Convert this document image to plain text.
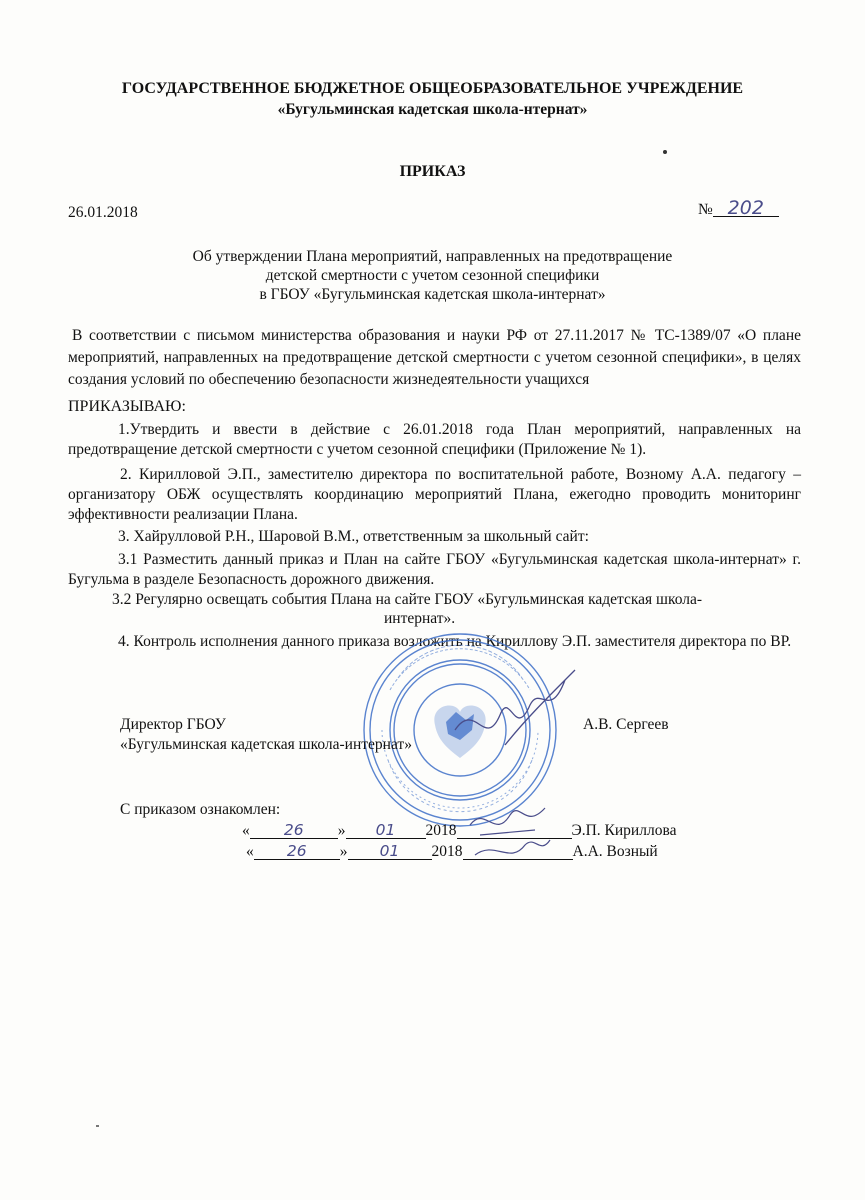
ГОСУДАРСТВЕННОЕ БЮДЖЕТНОЕ ОБЩЕОБРАЗОВАТЕЛЬНОЕ УЧРЕЖДЕНИЕ
«Бугульминская кадетская школа-нтернат»
ПРИКАЗ
26.01.2018	№ 202
Об утверждении Плана мероприятий, направленных на предотвращение
детской смертности с учетом сезонной специфики
в ГБОУ «Бугульминская кадетская школа-интернат»
В соответствии с письмом министерства образования и науки РФ от 27.11.2017 № ТС-1389/07 «О плане мероприятий, направленных на предотвращение детской смертности с учетом сезонной специфики», в целях создания условий по обеспечению безопасности жизнедеятельности учащихся
ПРИКАЗЫВАЮ:
1.Утвердить и ввести в действие с 26.01.2018 года План мероприятий, направленных на предотвращение детской смертности с учетом сезонной специфики (Приложение № 1).
2. Кирилловой Э.П., заместителю директора по воспитательной работе, Возному А.А. педагогу – организатору ОБЖ осуществлять координацию мероприятий Плана, ежегодно проводить мониторинг эффективности реализации Плана.
3. Хайрулловой Р.Н., Шаровой В.М., ответственным за школьный сайт:
3.1 Разместить данный приказ и План на сайте ГБОУ «Бугульминская кадетская школа-интернат» г. Бугульма в разделе Безопасность дорожного движения.
3.2 Регулярно освещать события Плана на сайте ГБОУ «Бугульминская кадетская школа-
интернат».
4. Контроль исполнения данного приказа возложить на Кириллову Э.П. заместителя директора по ВР.
Директор ГБОУ
«Бугульминская кадетская школа-интернат»
А.В. Сергеев
С приказом ознакомлен:
« 26 » 01 2018	Э.П. Кириллова
« 26 » 01 2018	А.А. Возный
